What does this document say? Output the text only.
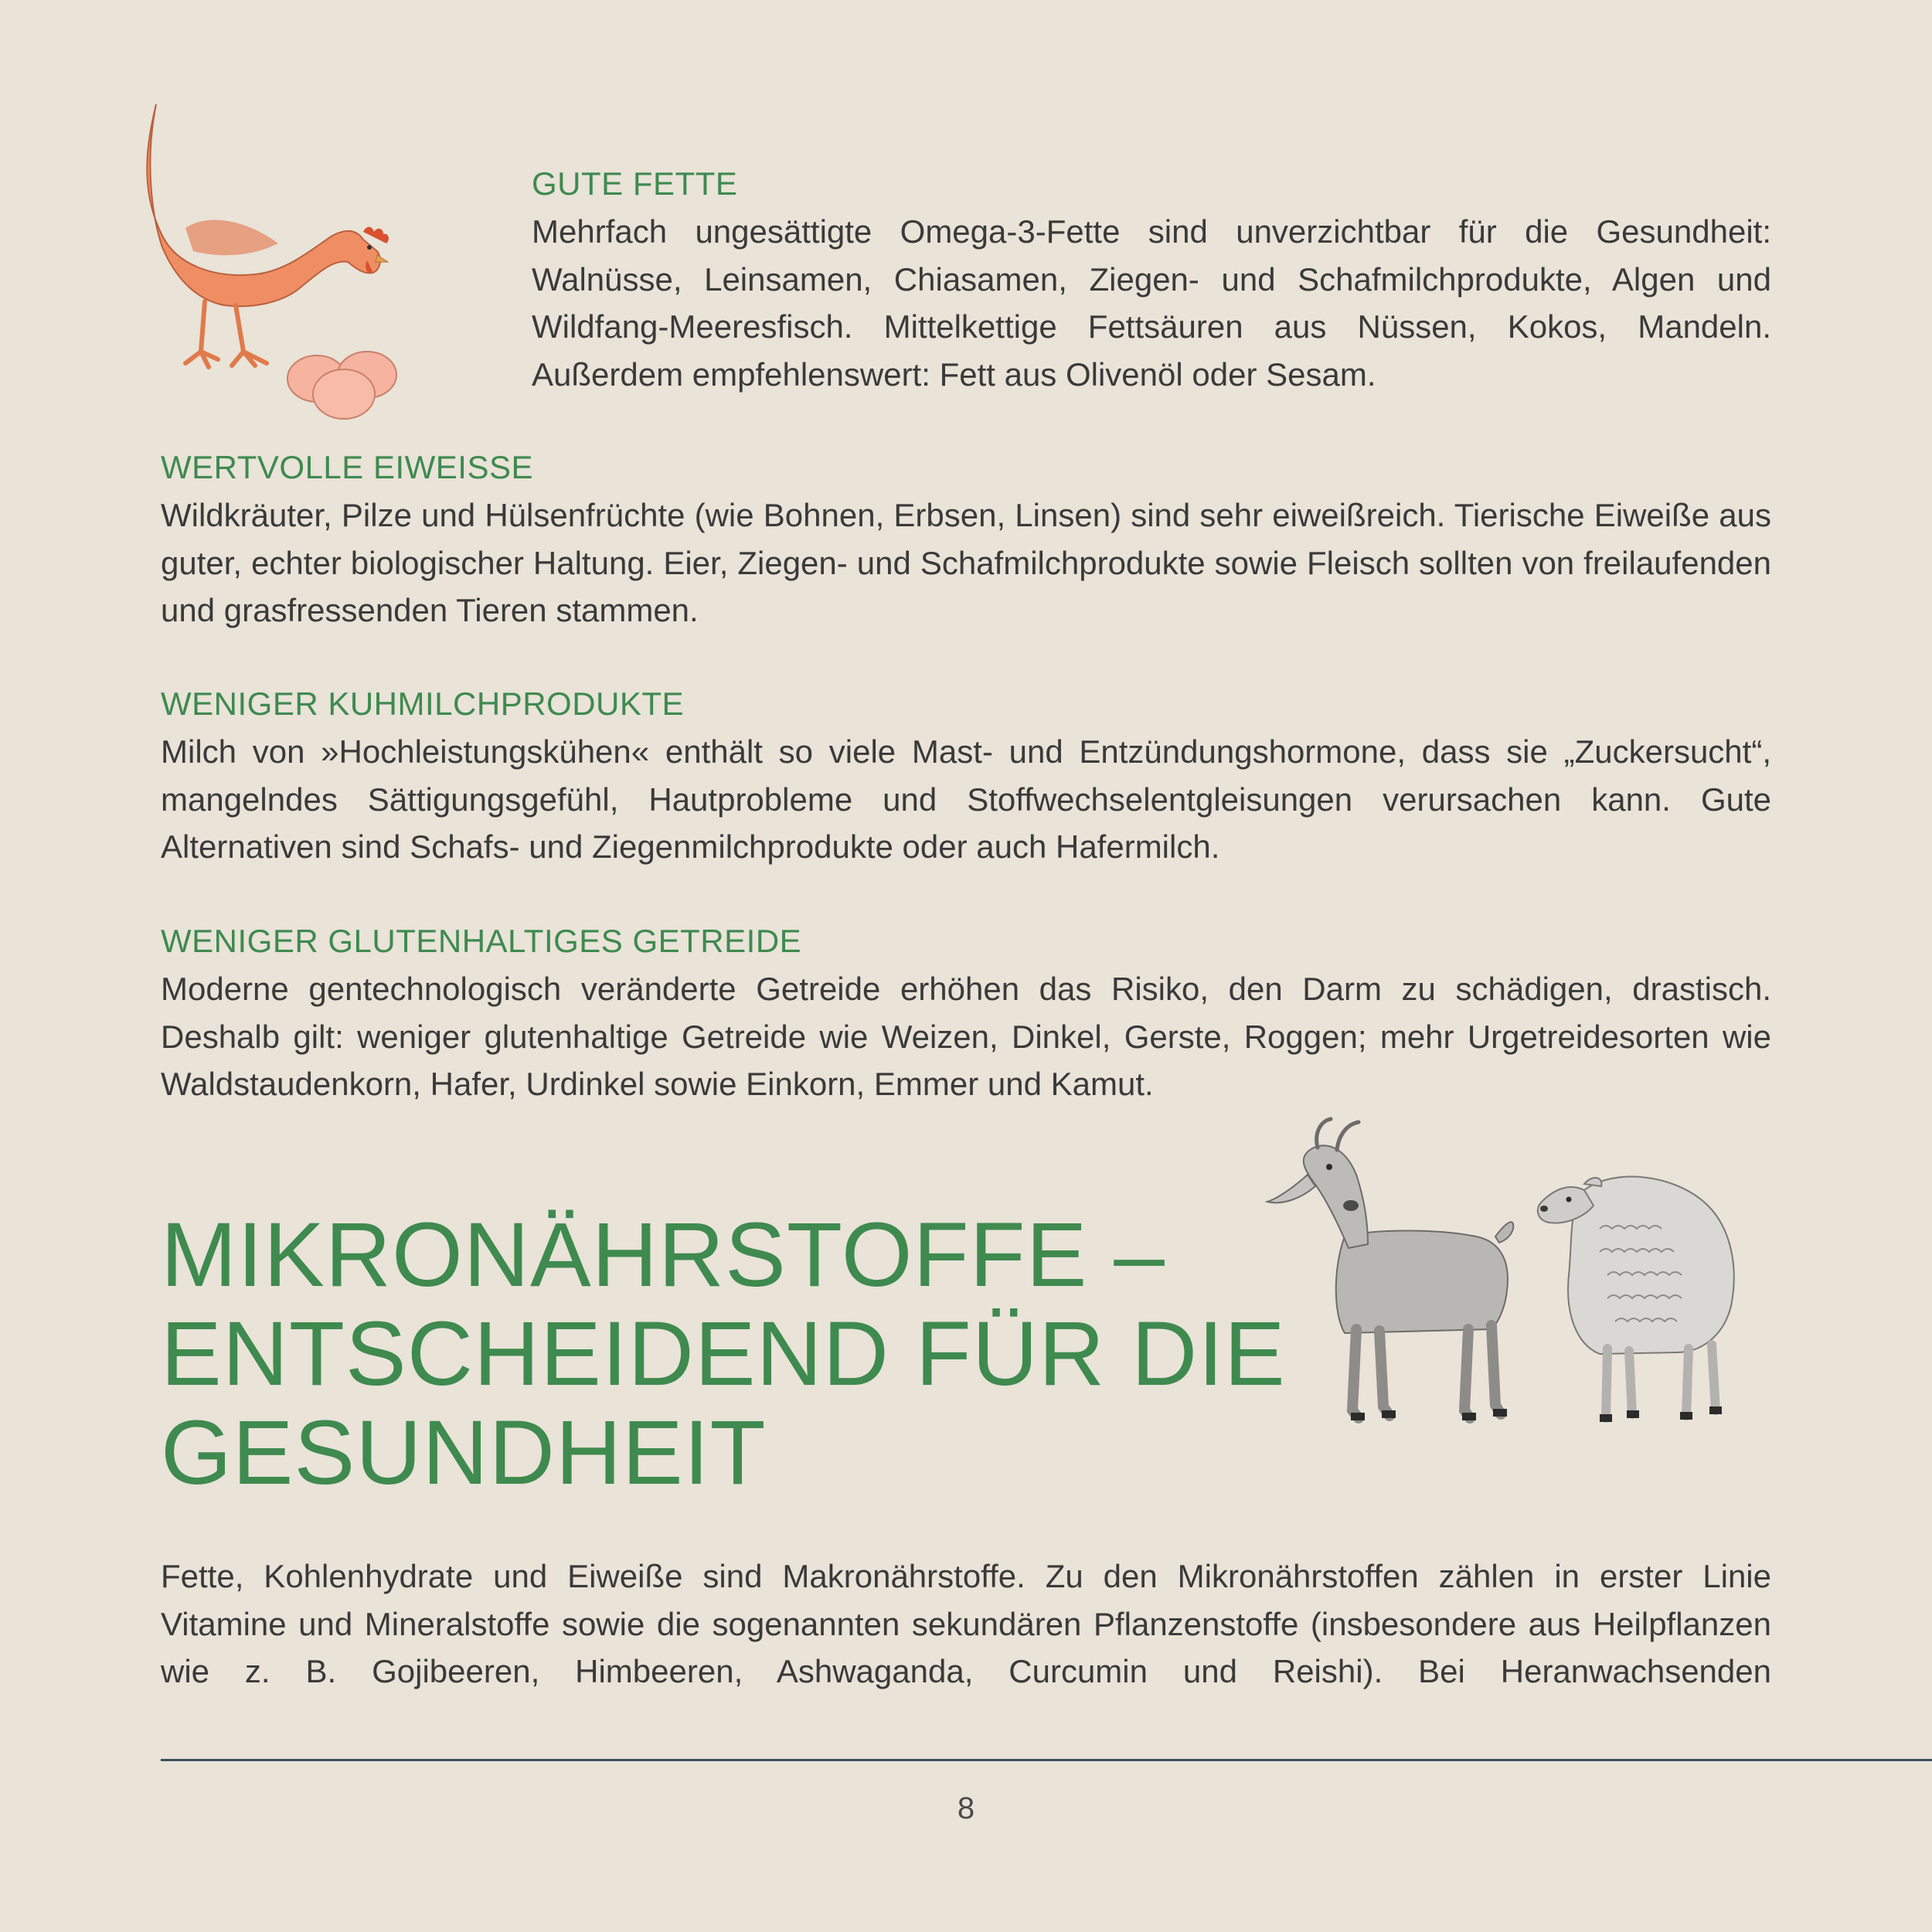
GUTE FETTE

Mehrfach ungesättigte Omega-3-Fette sind unverzichtbar für die Gesundheit: Walnüsse, Leinsamen, Chiasamen, Ziegen- und Schafmilchprodukte, Algen und Wildfang-Meeresfisch. Mittelkettige Fettsäuren aus Nüssen, Kokos, Mandeln. Außerdem empfehlenswert: Fett aus Olivenöl oder Sesam.

WERTVOLLE EIWEISSE

Wildkräuter, Pilze und Hülsenfrüchte (wie Bohnen, Erbsen, Linsen) sind sehr eiweißreich. Tierische Eiweiße aus guter, echter biologischer Haltung. Eier, Ziegen- und Schafmilchprodukte sowie Fleisch sollten von freilaufenden und grasfressenden Tieren stammen.

WENIGER KUHMILCHPRODUKTE

Milch von »Hochleistungskühen« enthält so viele Mast- und Entzündungshormone, dass sie „Zuckersucht“, mangelndes Sättigungsgefühl, Hautprobleme und Stoffwechselentgleisungen verursachen kann. Gute Alternativen sind Schafs- und Ziegenmilchprodukte oder auch Hafermilch.

WENIGER GLUTENHALTIGES GETREIDE

Moderne gentechnologisch veränderte Getreide erhöhen das Risiko, den Darm zu schädigen, drastisch. Deshalb gilt: weniger glutenhaltige Getreide wie Weizen, Dinkel, Gerste, Roggen; mehr Urgetreidesorten wie Waldstaudenkorn, Hafer, Urdinkel sowie Einkorn, Emmer und Kamut.

MIKRONÄHRSTOFFE –
ENTSCHEIDEND FÜR DIE
GESUNDHEIT

Fette, Kohlenhydrate und Eiweiße sind Makronährstoffe. Zu den Mikronährstoffen zählen in erster Linie Vitamine und Mineralstoffe sowie die sogenannten sekundären Pflanzenstoffe (insbesondere aus Heilpflanzen wie z. B. Gojibeeren, Himbeeren, Ashwaganda, Curcumin und Reishi). Bei Heranwachsenden

8
